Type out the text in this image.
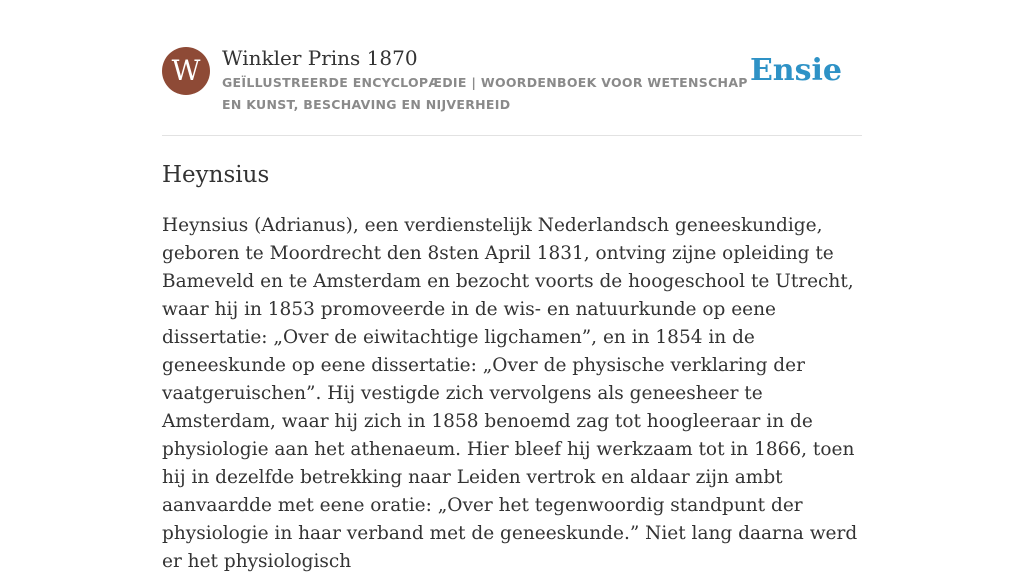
W	Winkler Prins 1870
GEÏLLUSTREERDE ENCYCLOPÆDIE | WOORDENBOEK VOOR WETENSCHAP EN KUNST, BESCHAVING EN NIJVERHEID
Ensie
Heynsius

Heynsius (Adrianus), een verdienstelijk Nederlandsch geneeskundige, geboren te Moordrecht den 8sten April 1831, ontving zijne opleiding te Bameveld en te Amsterdam en bezocht voorts de hoogeschool te Utrecht, waar hij in 1853 promoveerde in de wis- en natuurkunde op eene dissertatie: „Over de eiwitachtige ligchamen”, en in 1854 in de geneeskunde op eene dissertatie: „Over de physische verklaring der vaatgeruischen”. Hij vestigde zich vervolgens als geneesheer te Amsterdam, waar hij zich in 1858 benoemd zag tot hoogleeraar in de physiologie aan het athenaeum. Hier bleef hij werkzaam tot in 1866, toen hij in dezelfde betrekking naar Leiden vertrok en aldaar zijn ambt aanvaardde met eene oratie: „Over het tegenwoordig standpunt der physiologie in haar verband met de geneeskunde.” Niet lang daarna werd er het physiologisch
